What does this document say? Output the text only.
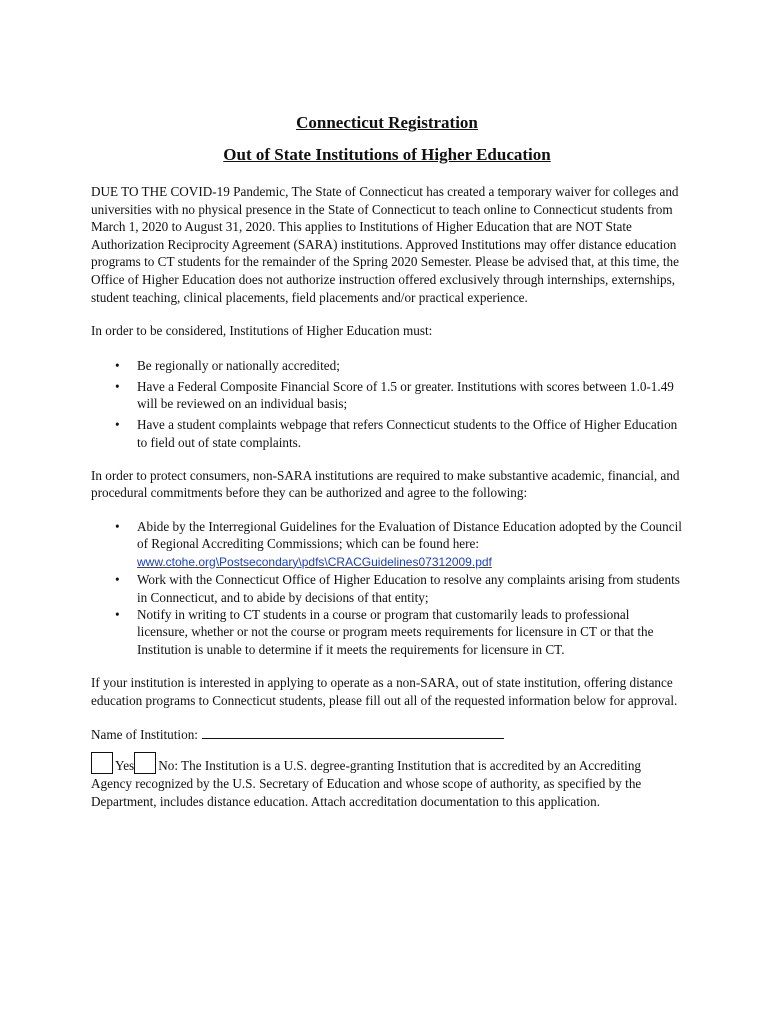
Connecticut Registration
Out of State Institutions of Higher Education

DUE TO THE COVID-19 Pandemic, The State of Connecticut has created a temporary waiver for colleges and universities with no physical presence in the State of Connecticut to teach online to Connecticut students from March 1, 2020 to August 31, 2020. This applies to Institutions of Higher Education that are NOT State Authorization Reciprocity Agreement (SARA) institutions. Approved Institutions may offer distance education programs to CT students for the remainder of the Spring 2020 Semester. Please be advised that, at this time, the Office of Higher Education does not authorize instruction offered exclusively through internships, externships, student teaching, clinical placements, field placements and/or practical experience.

In order to be considered, Institutions of Higher Education must:

• Be regionally or nationally accredited;
• Have a Federal Composite Financial Score of 1.5 or greater. Institutions with scores between 1.0-1.49 will be reviewed on an individual basis;
• Have a student complaints webpage that refers Connecticut students to the Office of Higher Education to field out of state complaints.

In order to protect consumers, non-SARA institutions are required to make substantive academic, financial, and procedural commitments before they can be authorized and agree to the following:

• Abide by the Interregional Guidelines for the Evaluation of Distance Education adopted by the Council of Regional Accrediting Commissions; which can be found here:
www.ctohe.org\Postsecondary\pdfs\CRACGuidelines07312009.pdf
• Work with the Connecticut Office of Higher Education to resolve any complaints arising from students in Connecticut, and to abide by decisions of that entity;
• Notify in writing to CT students in a course or program that customarily leads to professional licensure, whether or not the course or program meets requirements for licensure in CT or that the Institution is unable to determine if it meets the requirements for licensure in CT.

If your institution is interested in applying to operate as a non-SARA, out of state institution, offering distance education programs to Connecticut students, please fill out all of the requested information below for approval.

Name of Institution:

Yes No: The Institution is a U.S. degree-granting Institution that is accredited by an Accrediting Agency recognized by the U.S. Secretary of Education and whose scope of authority, as specified by the Department, includes distance education. Attach accreditation documentation to this application.
